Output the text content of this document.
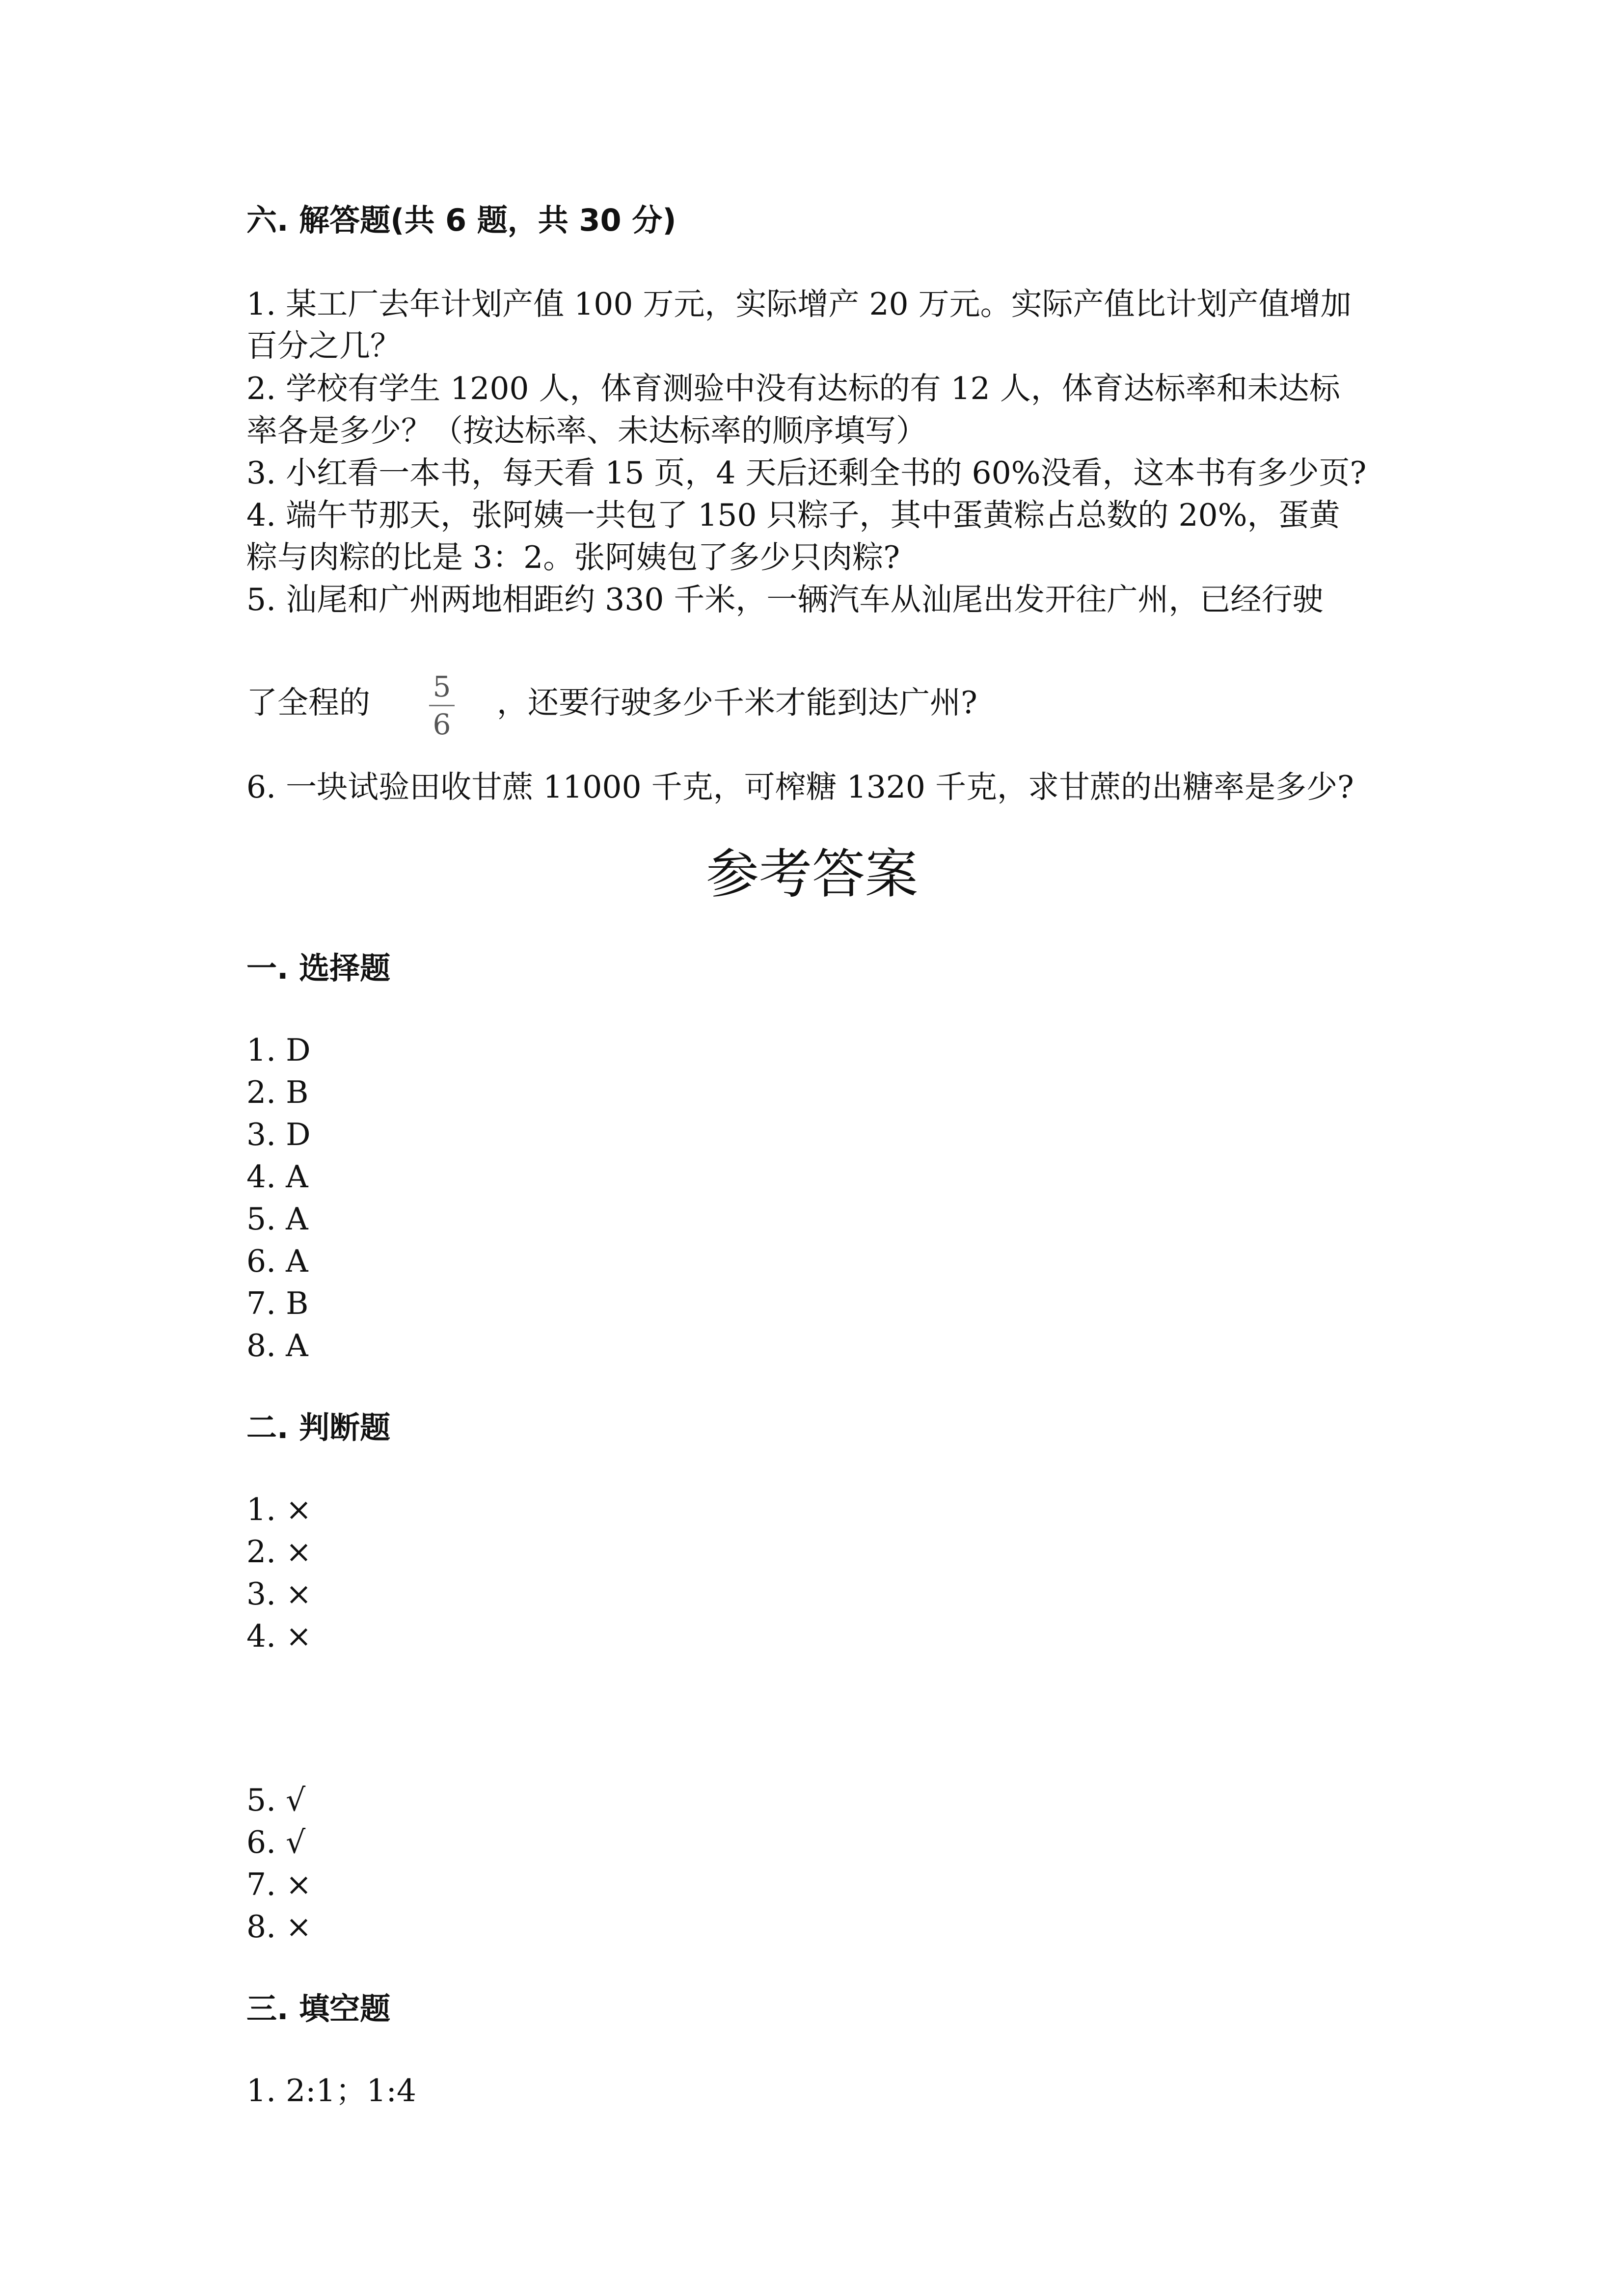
六. 解答题(共 6 题，共 30 分)
1. 某工厂去年计划产值 100 万元，实际增产 20 万元。实际产值比计划产值增加
百分之几？
2. 学校有学生 1200 人，体育测验中没有达标的有 12 人，体育达标率和未达标
率各是多少？（按达标率、未达标率的顺序填写）
3. 小红看一本书，每天看 15 页，4 天后还剩全书的 60%没看，这本书有多少页?
4. 端午节那天，张阿姨一共包了 150 只粽子，其中蛋黄粽占总数的 20%，蛋黄
粽与肉粽的比是 3：2。张阿姨包了多少只肉粽?
5. 汕尾和广州两地相距约 330 千米，一辆汽车从汕尾出发开往广州，已经行驶
了全程的 5
6
，还要行驶多少千米才能到达广州?
6. 一块试验田收甘蔗 11000 千克，可榨糖 1320 千克，求甘蔗的出糖率是多少?
参考答案
一. 选择题
1. D
2. B
3. D
4. A
5. A
6. A
7. B
8. A
二. 判断题
1. ×
2. ×
3. ×
4. ×
5. √
6. √
7. ×
8. ×
三. 填空题
1. 2:1；1:4
